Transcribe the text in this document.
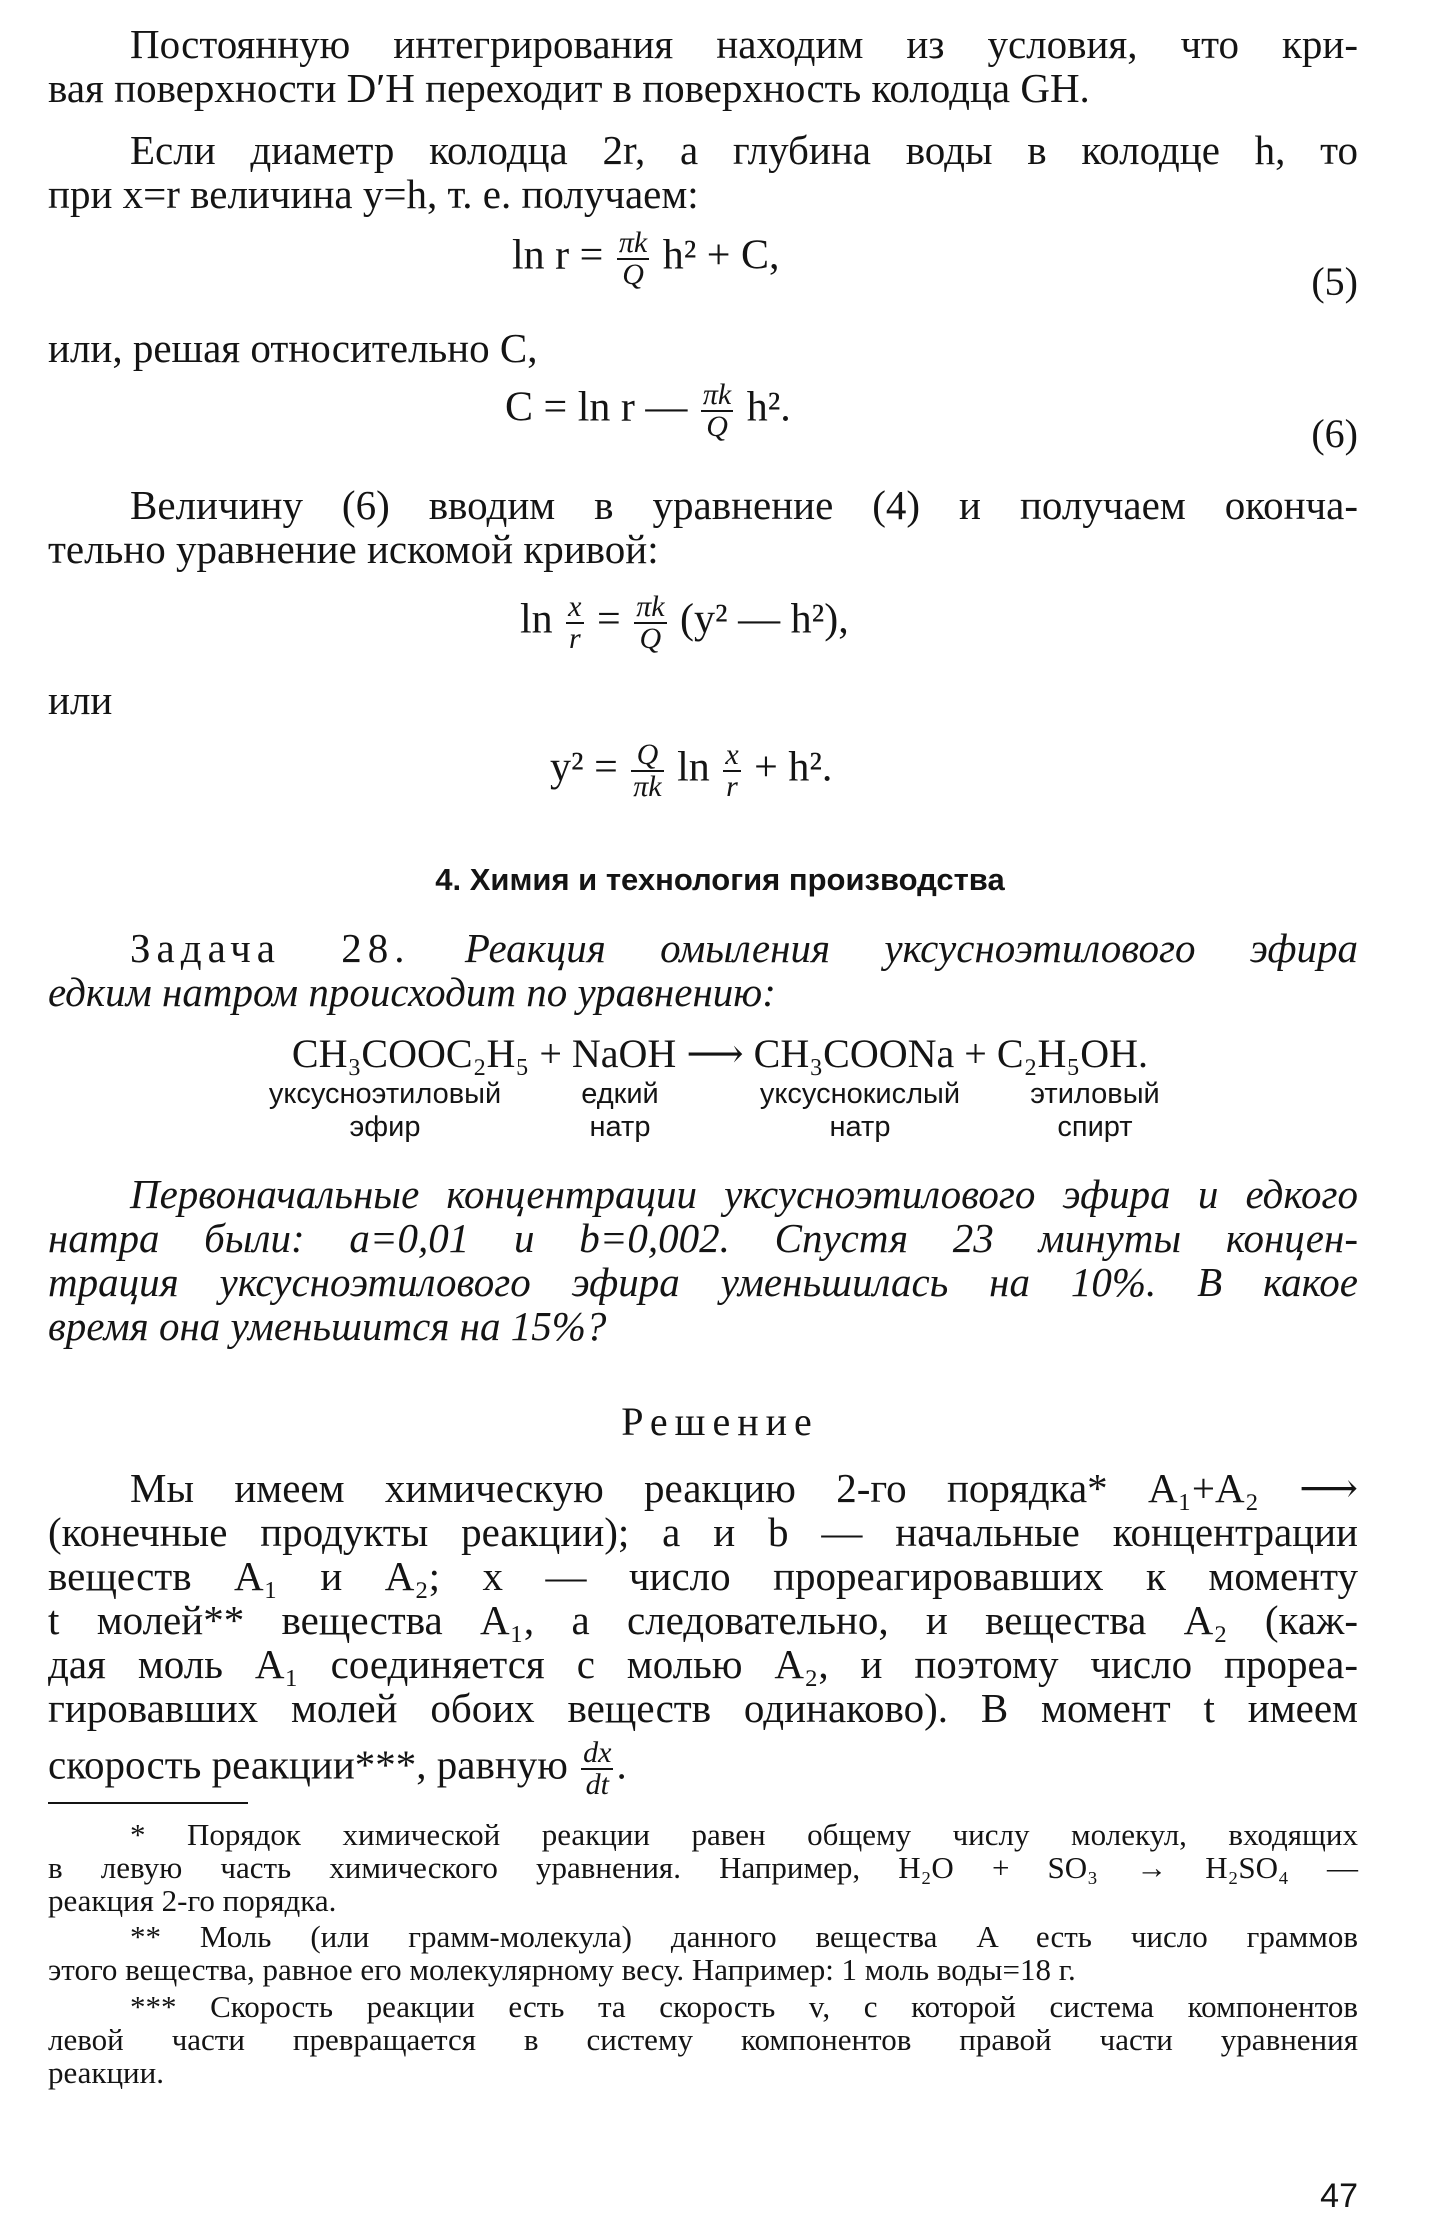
Постоянную интегрирования находим из условия, что кри-
вая поверхности D′H переходит в поверхность колодца GH.
Если диаметр колодца 2r, а глубина воды в колодце h, то
при x=r величина y=h, т. е. получаем:
$\ln r = \frac{\pi k}{Q} h^2 + C$,
(5)
или, решая относительно C,
C = ln r — $\frac{\pi k}{Q} h^2$.
(6)
Величину (6) вводим в уравнение (4) и получаем оконча-
тельно уравнение искомой кривой:
$\ln \frac{x}{r} = \frac{\pi k}{Q} (y^2$ — h²),
или
$y^2 = \frac{Q}{\pi k}$ $\ln \frac{x}{r} + h^2$.
4. Химия и технология производства
Задача 28. Реакция омыления уксусноэтилового эфира
едким натром происходит по уравнению:
CH₃COOC₂H₅ + NaOH ⟶ CH₃COONa + C₂H₅OH.
уксусноэтиловый
эфир
едкий
натр
уксуснокислый
натр
этиловый
спирт
Первоначальные концентрации уксусноэтилового эфира и едкого
натра были: a=0,01 и b=0,002. Спустя 23 минуты концен-
трация уксусноэтилового эфира уменьшилась на 10%. В какое
время она уменьшится на 15%?
Решение
Мы имеем химическую реакцию 2-го порядка* A₁+A₂ ⟶
(конечные продукты реакции); a и b — начальные концентрации
веществ A₁ и A₂; x — число прореагировавших к моменту
t молей** вещества A₁, а следовательно, и вещества A₂ (каж-
дая моль A₁ соединяется с молью A₂, и поэтому число прореа-
гировавших молей обоих веществ одинаково). В момент t имеем
скорость реакции***, равную $\frac{dx}{dt}$ .
* Порядок химической реакции равен общему числу молекул, входящих
в левую часть химического уравнения. Например, H₂O + SO₃ → H₂SO₄ —
реакция 2-го порядка.
** Моль (или грамм-молекула) данного вещества A есть число граммов
этого вещества, равное его молекулярному весу. Например: 1 моль воды=18 г.
*** Скорость реакции есть та скорость v, с которой система компонентов
левой части превращается в систему компонентов правой части уравнения
реакции.
47
